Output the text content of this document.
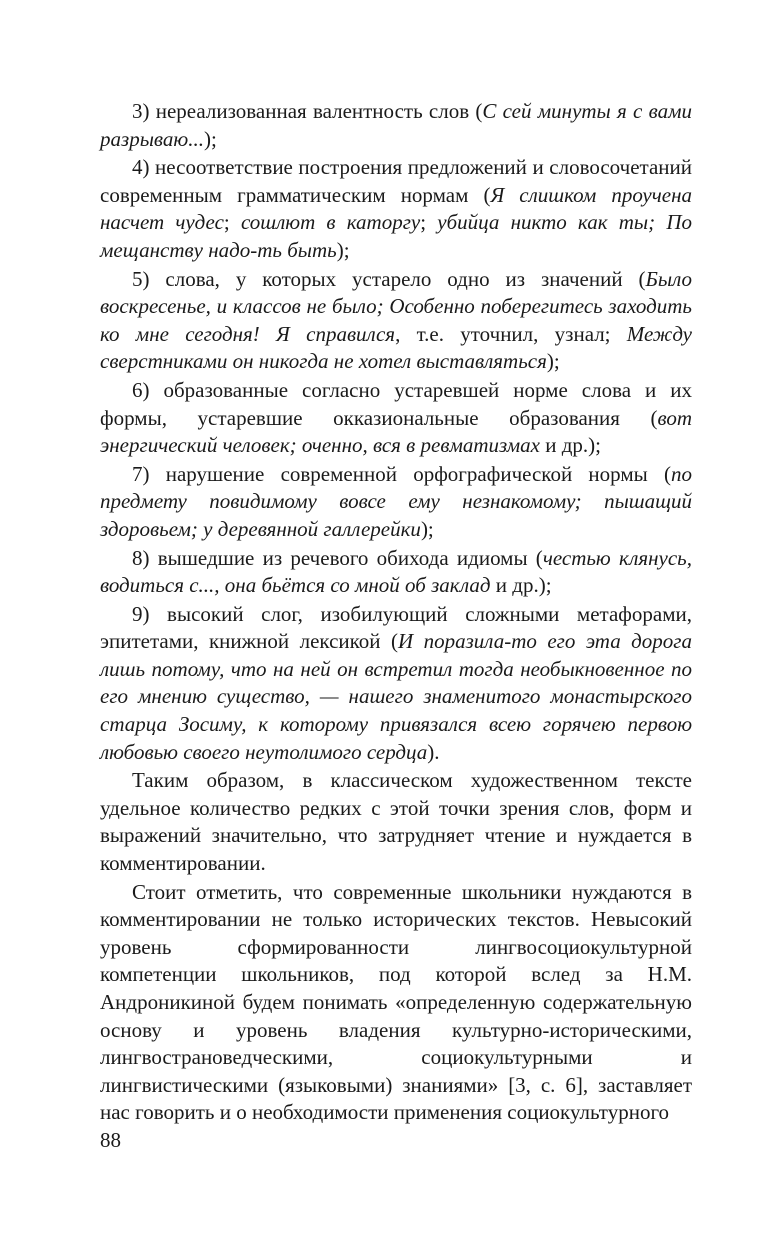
3) нереализованная валентность слов (С сей минуты я с вами разрываю...);

4) несоответствие построения предложений и словосочетаний современным грамматическим нормам (Я слишком проучена насчет чудес; сошлют в каторгу; убийца никто как ты; По мещанству надо-ть быть);

5) слова, у которых устарело одно из значений (Было воскресенье, и классов не было; Особенно поберегитесь заходить ко мне сегодня! Я справился, т.е. уточнил, узнал; Между сверстниками он никогда не хотел выставляться);

6) образованные согласно устаревшей норме слова и их формы, устаревшие окказиональные образования (вот энергический человек; оченно, вся в ревматизмах и др.);

7) нарушение современной орфографической нормы (по предмету повидимому вовсе ему незнакомому; пышащий здоровьем; у деревянной галлерейки);

8) вышедшие из речевого обихода идиомы (честью клянусь, водиться с..., она бьётся со мной об заклад и др.);

9) высокий слог, изобилующий сложными метафорами, эпитетами, книжной лексикой (И поразила-то его эта дорога лишь потому, что на ней он встретил тогда необыкновенное по его мнению существо, — нашего знаменитого монастырского старца Зосиму, к которому привязался всею горячею первою любовью своего неутолимого сердца).

Таким образом, в классическом художественном тексте удельное количество редких с этой точки зрения слов, форм и выражений значительно, что затрудняет чтение и нуждается в комментировании.

Стоит отметить, что современные школьники нуждаются в комментировании не только исторических текстов. Невысокий уровень сформированности лингвосоциокультурной компетенции школьников, под которой вслед за Н.М. Андроникиной будем понимать «определенную содержательную основу и уровень владения культурно-историческими, лингвострановедческими, социокультурными и лингвистическими (языковыми) знаниями» [3, с. 6], заставляет нас говорить и о необходимости применения социокультурного

88
